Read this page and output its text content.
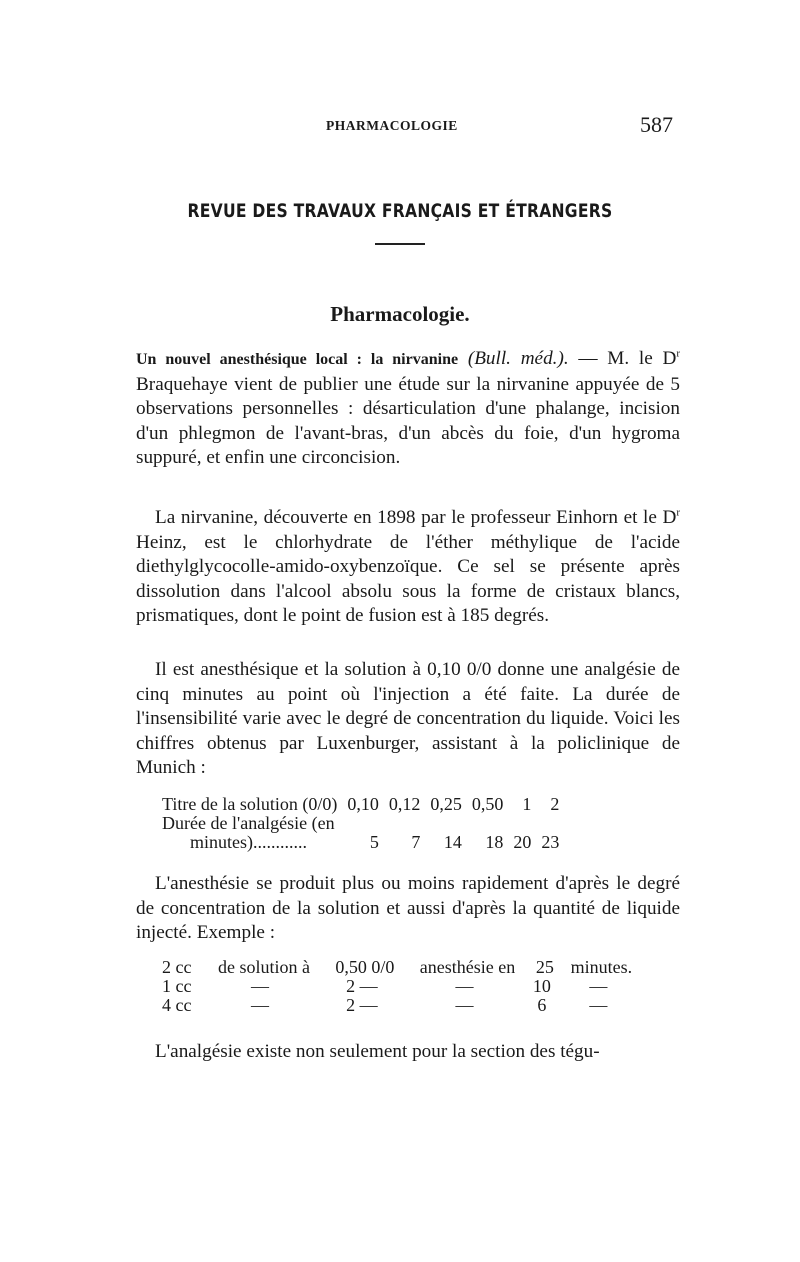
PHARMACOLOGIE	587
REVUE DES TRAVAUX FRANÇAIS ET ÉTRANGERS
Pharmacologie.

Un nouvel anesthésique local : la nirvanine (Bull. méd.). — M. le $D^r$ Braquehaye vient de publier une étude sur la nirvanine appuyée de 5 observations personnelles : désarticulation d'une phalange, incision d'un phlegmon de l'avant-bras, d'un abcès du foie, d'un hygroma suppuré, et enfin une circoncision.

La nirvanine, découverte en 1898 par le professeur Einhorn et le $D^r$ Heinz, est le chlorhydrate de l'éther méthylique de l'acide diethylglycocolle-amido-oxybenzoïque. Ce sel se présente après dissolution dans l'alcool absolu sous la forme de cristaux blancs, prismatiques, dont le point de fusion est à 185 degrés.

Il est anesthésique et la solution à 0,10 0/0 donne une analgésie de cinq minutes au point où l'injection a été faite. La durée de l'insensibilité varie avec le degré de concentration du liquide. Voici les chiffres obtenus par Luxenburger, assistant à la policlinique de Munich :

Titre de la solution (0/0)	0,10	0,12	0,25	0,50	1	2
Durée de l'analgésie (en						
minutes)............	5	7	14	18	20	23

L'anesthésie se produit plus ou moins rapidement d'après le degré de concentration de la solution et aussi d'après la quantité de liquide injecté. Exemple :

2 cc	de solution à	0,50 0/0	anesthésie en	25	minutes.
1 cc	—	2 —	—	10	—
4 cc	—	2 —	—	6	—

L'analgésie existe non seulement pour la section des tégu-
